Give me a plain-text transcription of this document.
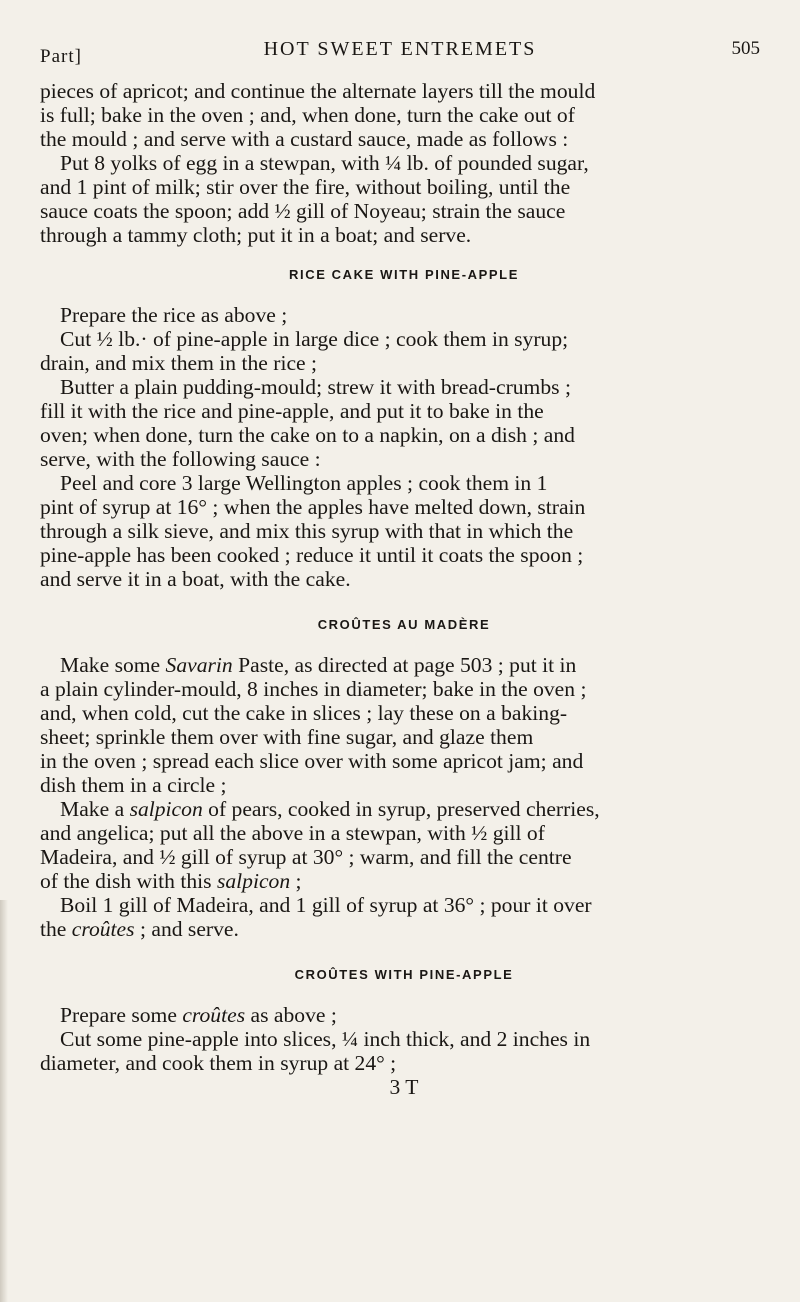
Part]	HOT SWEET ENTREMETS	505
pieces of apricot; and continue the alternate layers till the mould
is full; bake in the oven ; and, when done, turn the cake out of
the mould ; and serve with a custard sauce, made as follows :
Put 8 yolks of egg in a stewpan, with ¼ lb. of pounded sugar,
and 1 pint of milk; stir over the fire, without boiling, until the
sauce coats the spoon; add ½ gill of Noyeau; strain the sauce
through a tammy cloth; put it in a boat; and serve.
RICE CAKE WITH PINE-APPLE
Prepare the rice as above ;
Cut ½ lb.· of pine-apple in large dice ; cook them in syrup;
drain, and mix them in the rice ;
Butter a plain pudding-mould; strew it with bread-crumbs ;
fill it with the rice and pine-apple, and put it to bake in the
oven; when done, turn the cake on to a napkin, on a dish ; and
serve, with the following sauce :
Peel and core 3 large Wellington apples ; cook them in 1
pint of syrup at 16° ; when the apples have melted down, strain
through a silk sieve, and mix this syrup with that in which the
pine-apple has been cooked ; reduce it until it coats the spoon ;
and serve it in a boat, with the cake.
CROÛTES AU MADÈRE
Make some Savarin Paste, as directed at page 503 ; put it in
a plain cylinder-mould, 8 inches in diameter; bake in the oven ;
and, when cold, cut the cake in slices ; lay these on a baking-
sheet; sprinkle them over with fine sugar, and glaze them
in the oven ; spread each slice over with some apricot jam; and
dish them in a circle ;
Make a salpicon of pears, cooked in syrup, preserved cherries,
and angelica; put all the above in a stewpan, with ½ gill of
Madeira, and ½ gill of syrup at 30° ; warm, and fill the centre
of the dish with this salpicon ;
Boil 1 gill of Madeira, and 1 gill of syrup at 36° ; pour it over
the croûtes ; and serve.
CROÛTES WITH PINE-APPLE
Prepare some croûtes as above ;
Cut some pine-apple into slices, ¼ inch thick, and 2 inches in
diameter, and cook them in syrup at 24° ;
3 T
